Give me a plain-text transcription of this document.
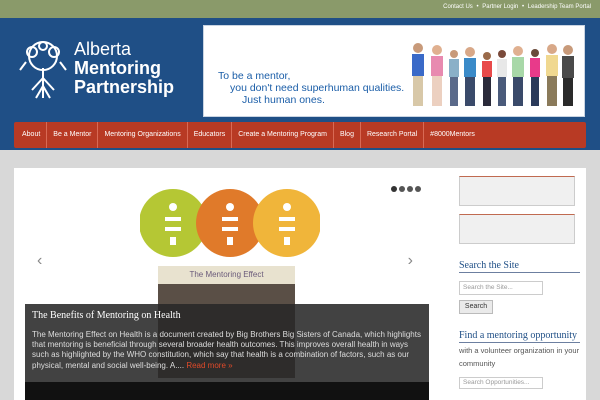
Contact Us • Partner Login • Leadership Team Portal
Alberta
Mentoring
Partnership
To be a mentor,
you don't need superhuman qualities.
Just human ones.
About	Be a Mentor	Mentoring Organizations	Educators	Create a Mentoring Program	Blog	Research Portal	#8000Mentors
‹	›
The Mentoring Effect
The Benefits of Mentoring on Health
The Mentoring Effect on Health is a document created by Big Brothers Big Sisters of Canada, which highlights that mentoring is beneficial through several broader health outcomes. This improves overall health in ways such as highlighted by the WHO constitution, which say that health is a combination of factors, such as our physical, mental and social well-being. A.... Read more »
Search the Site
Search the Site...
Search
Find a mentoring opportunity
with a volunteer organization in your community
Search Opportunities...
